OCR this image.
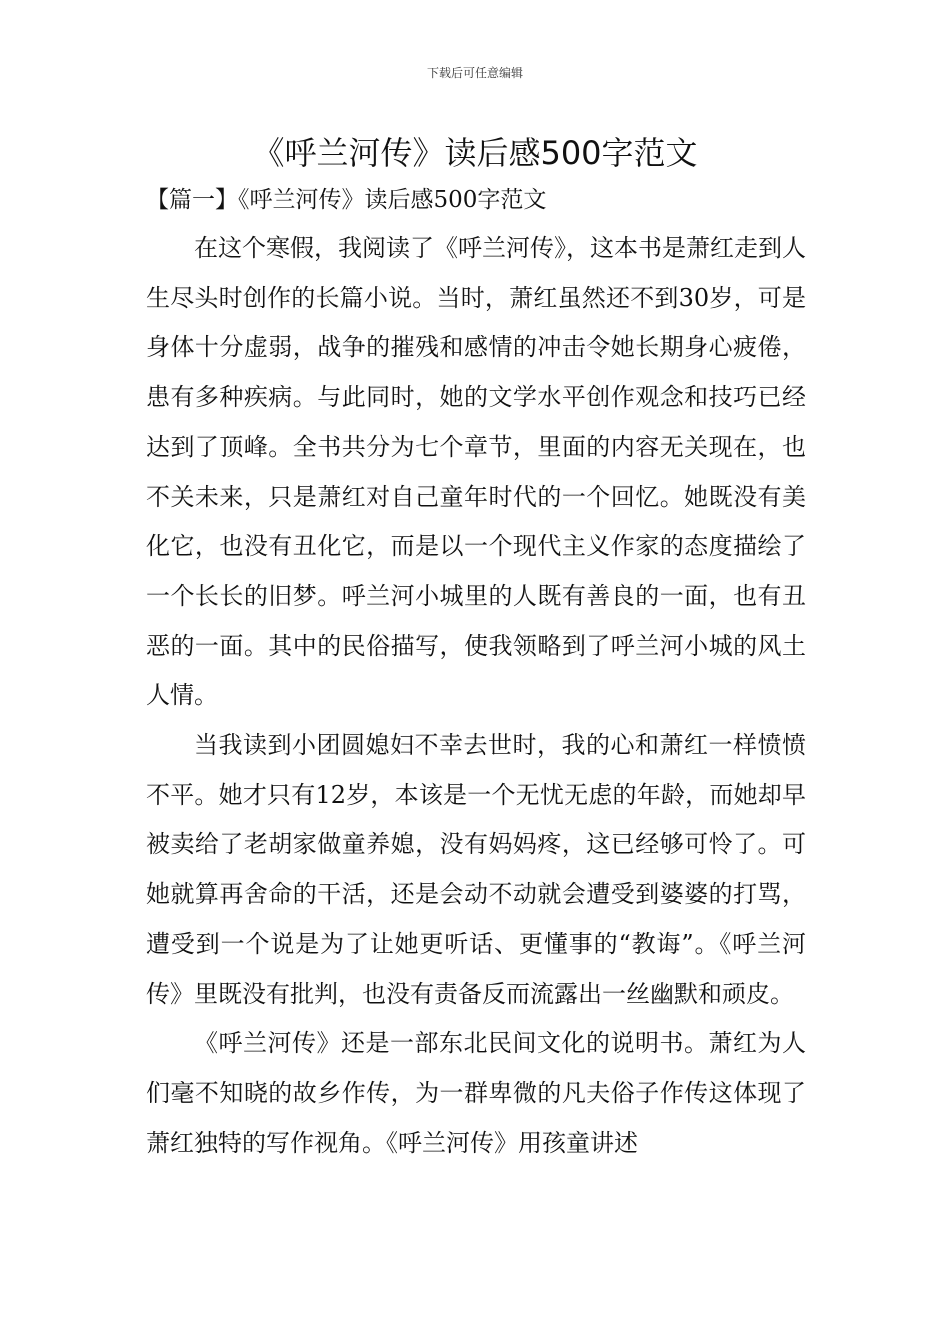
下载后可任意编辑
《呼兰河传》读后感500字范文
【篇一】《呼兰河传》读后感500字范文

在这个寒假，我阅读了《呼兰河传》，这本书是萧红走到人生尽头时创作的长篇小说。当时，萧红虽然还不到30岁，可是身体十分虚弱，战争的摧残和感情的冲击令她长期身心疲倦，患有多种疾病。与此同时，她的文学水平创作观念和技巧已经达到了顶峰。全书共分为七个章节，里面的内容无关现在，也不关未来，只是萧红对自己童年时代的一个回忆。她既没有美化它，也没有丑化它，而是以一个现代主义作家的态度描绘了一个长长的旧梦。呼兰河小城里的人既有善良的一面，也有丑恶的一面。其中的民俗描写，使我领略到了呼兰河小城的风土人情。

当我读到小团圆媳妇不幸去世时，我的心和萧红一样愤愤不平。她才只有12岁，本该是一个无忧无虑的年龄，而她却早被卖给了老胡家做童养媳，没有妈妈疼，这已经够可怜了。可她就算再舍命的干活，还是会动不动就会遭受到婆婆的打骂，遭受到一个说是为了让她更听话、更懂事的“教诲”。《呼兰河传》里既没有批判，也没有责备反而流露出一丝幽默和顽皮。

《呼兰河传》还是一部东北民间文化的说明书。萧红为人们毫不知晓的故乡作传，为一群卑微的凡夫俗子作传这体现了萧红独特的写作视角。《呼兰河传》用孩童讲述
